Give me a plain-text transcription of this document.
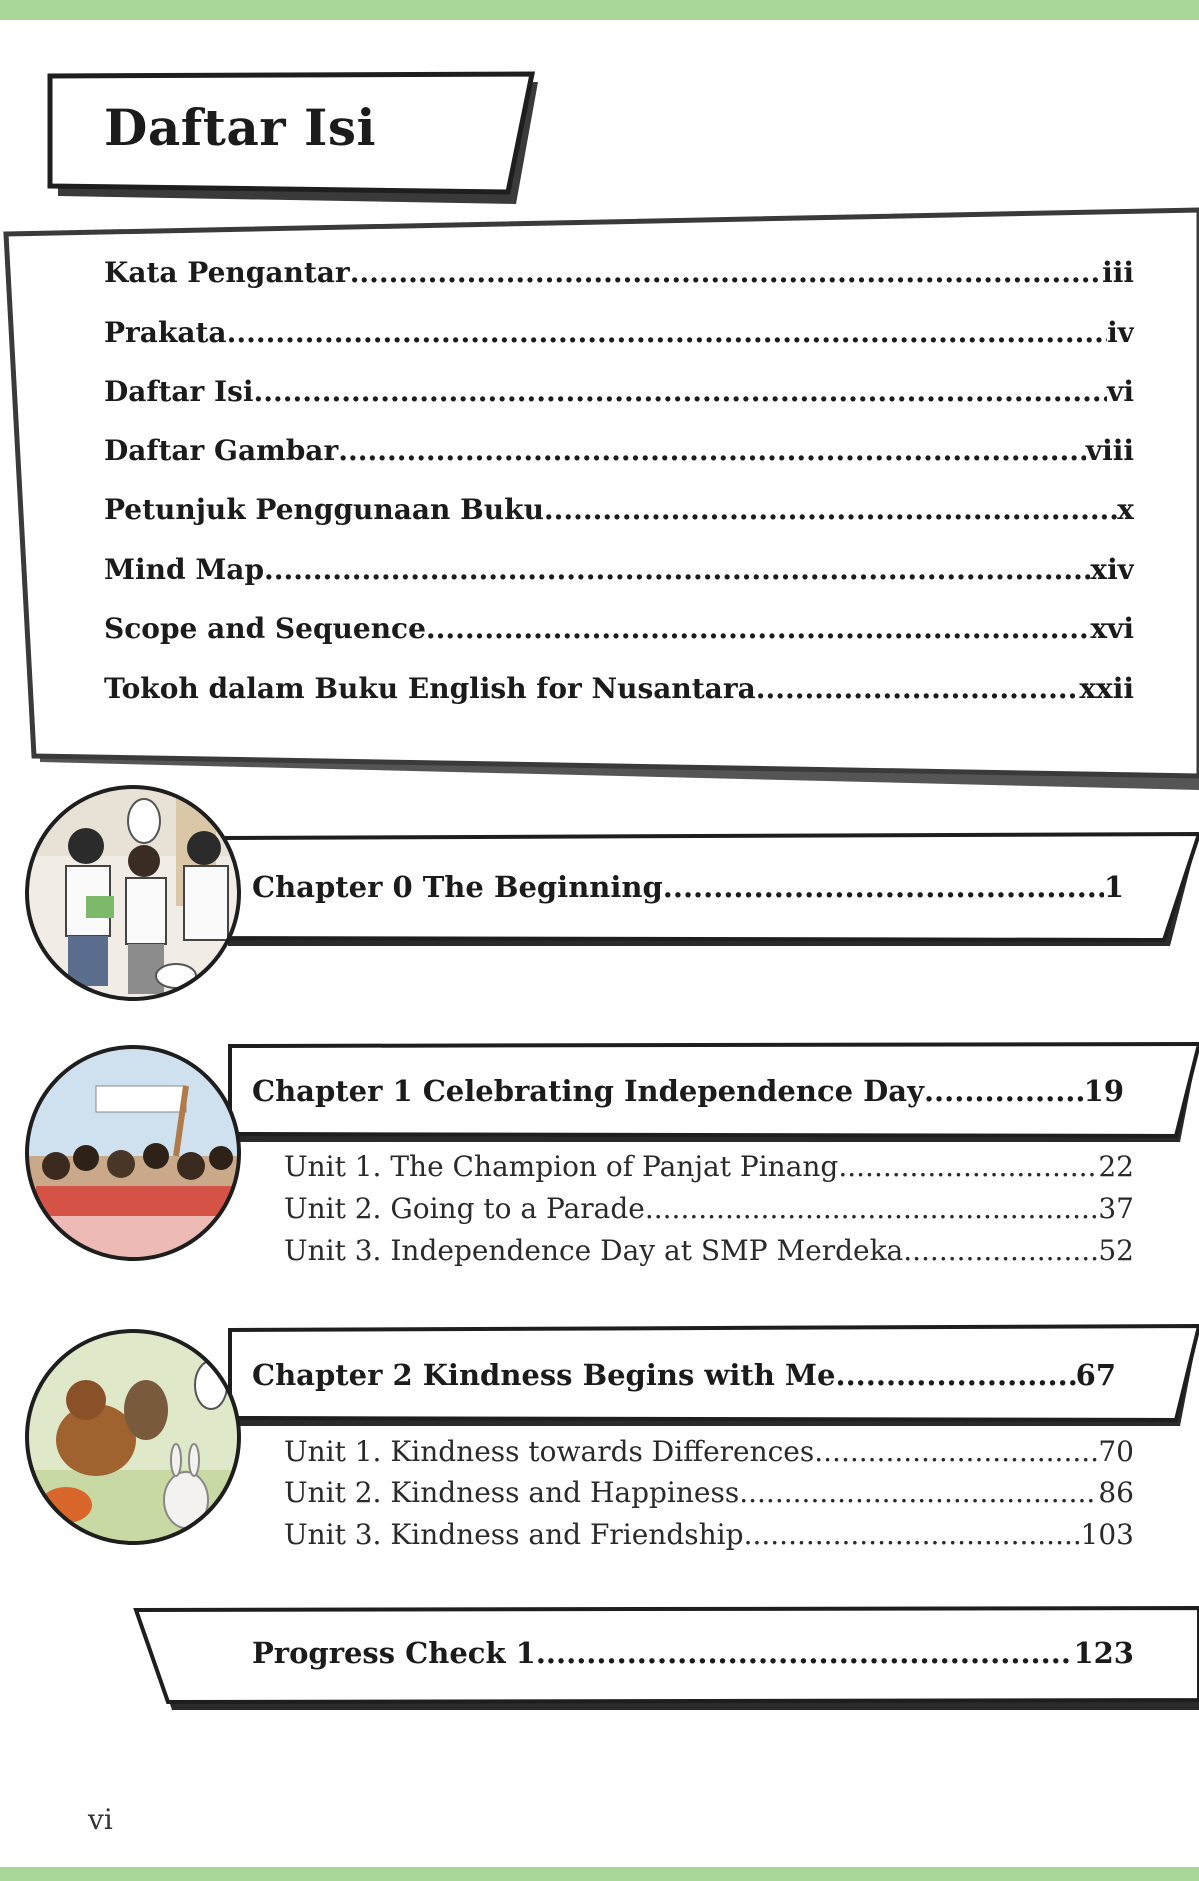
Daftar Isi
Kata Pengantar .....	iii
Prakata .....	iv
Daftar Isi .....	vi
Daftar Gambar .....	viii
Petunjuk Penggunaan Buku .....	x
Mind Map .....	xiv
Scope and Sequence .....	xvi
Tokoh dalam Buku English for Nusantara .....	xxii
Chapter 0 The Beginning .....	1
Chapter 1 Celebrating Independence Day .....	19
Unit 1. The Champion of Panjat Pinang .....	22
Unit 2. Going to a Parade .....	37
Unit 3. Independence Day at SMP Merdeka .....	52
Chapter 2 Kindness Begins with Me .....	67
Unit 1. Kindness towards Differences .....	70
Unit 2. Kindness and Happiness .....	86
Unit 3. Kindness and Friendship .....	103
Progress Check 1 .....	123
vi
